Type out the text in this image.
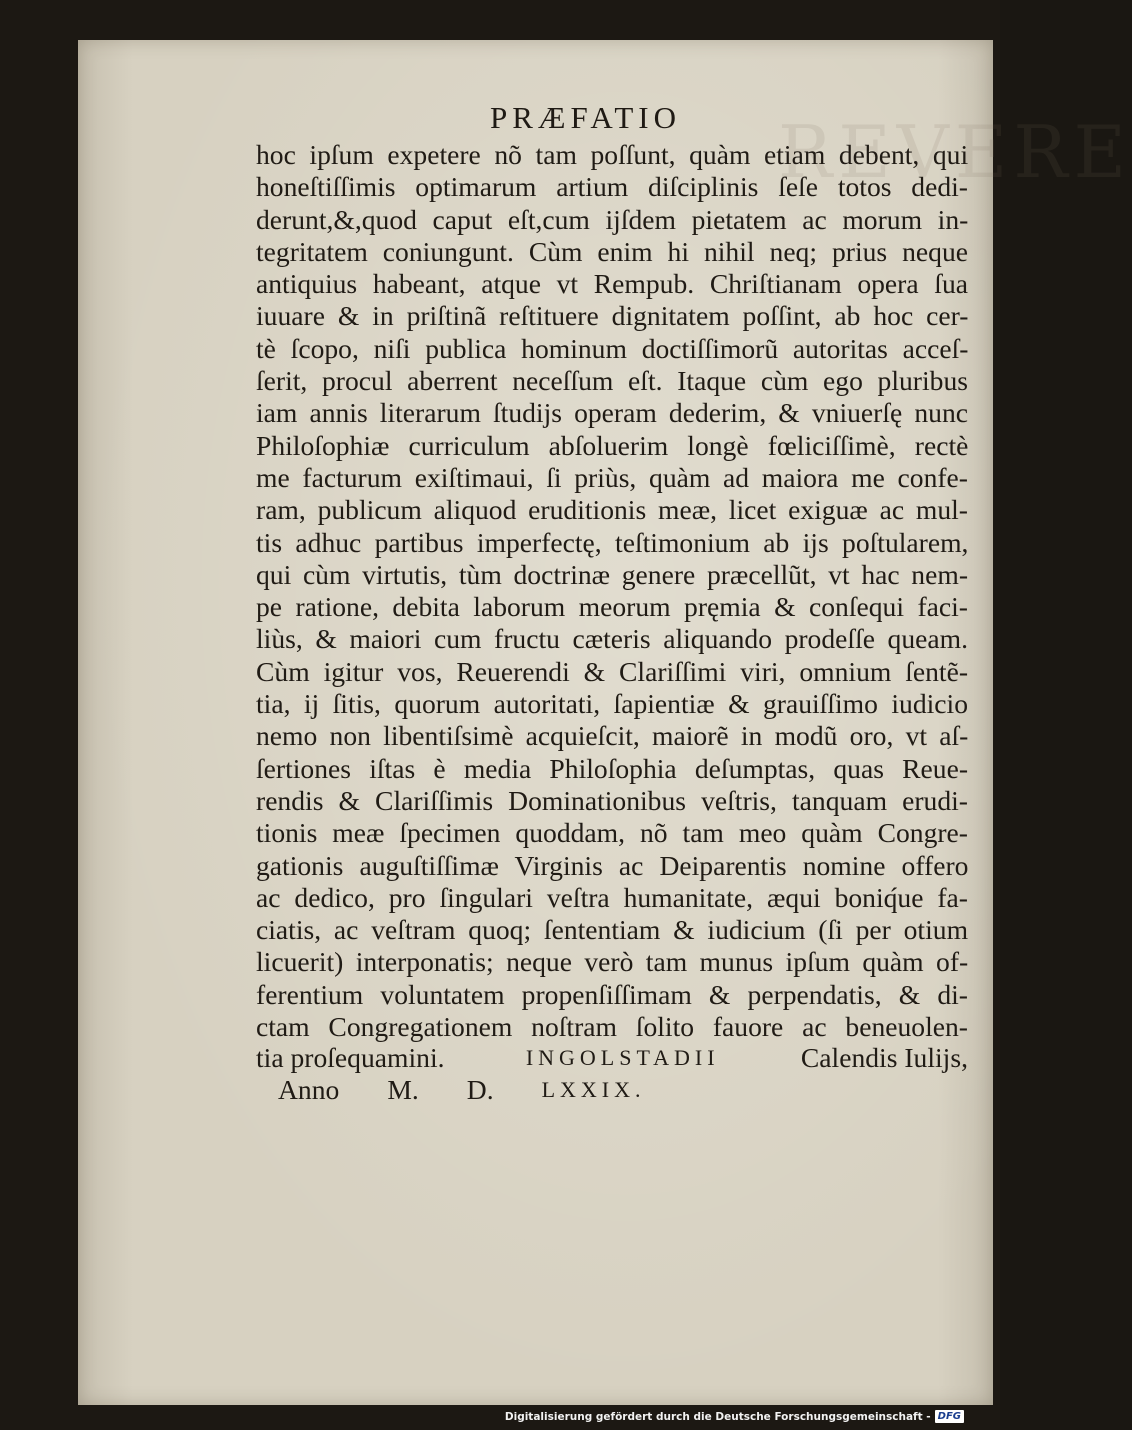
REVERE
PRÆFATIO
hoc ipſum expetere nõ tam poſſunt, quàm etiam debent, qui
honeſtiſſimis optimarum artium diſciplinis ſeſe totos dedi-
derunt,&,quod caput eſt,cum ijſdem pietatem ac morum in-
tegritatem coniungunt. Cùm enim hi nihil neq; prius neque
antiquius habeant, atque vt Rempub. Chriſtianam opera ſua
iuuare & in priſtinã reſtituere dignitatem poſſint, ab hoc cer-
tè ſcopo, niſi publica hominum doctiſſimorũ autoritas acceſ-
ſerit, procul aberrent neceſſum eſt. Itaque cùm ego pluribus
iam annis literarum ſtudijs operam dederim, & vniuerſę nunc
Philoſophiæ curriculum abſoluerim longè fœliciſſimè, rectè
me facturum exiſtimaui, ſi priùs, quàm ad maiora me confe-
ram, publicum aliquod eruditionis meæ, licet exiguæ ac mul-
tis adhuc partibus imperfectę, teſtimonium ab ijs poſtularem,
qui cùm virtutis, tùm doctrinæ genere præcellũt, vt hac nem-
pe ratione, debita laborum meorum pręmia & conſequi faci-
liùs, & maiori cum fructu cæteris aliquando prodeſſe queam.
Cùm igitur vos, Reuerendi & Clariſſimi viri, omnium ſentẽ-
tia, ij ſitis, quorum autoritati, ſapientiæ & grauiſſimo iudicio
nemo non libentiſsimè acquieſcit, maiorẽ in modũ oro, vt aſ-
ſertiones iſtas è media Philoſophia deſumptas, quas Reue-
rendis & Clariſſimis Dominationibus veſtris, tanquam erudi-
tionis meæ ſpecimen quoddam, nõ tam meo quàm Congre-
gationis auguſtiſſimæ Virginis ac Deiparentis nomine offero
ac dedico, pro ſingulari veſtra humanitate, æqui boniq́ue fa-
ciatis, ac veſtram quoq; ſententiam & iudicium (ſi per otium
licuerit) interponatis; neque verò tam munus ipſum quàm of-
ferentium voluntatem propenſiſſimam & perpendatis, & di-
ctam Congregationem noſtram ſolito fauore ac beneuolen-
tia proſequamini.	INGOLSTADII	Calendis Iulijs,
Anno M. D. LXXIX.

Digitalisierung gefördert durch die Deutsche Forschungsgemeinschaft - DFG
